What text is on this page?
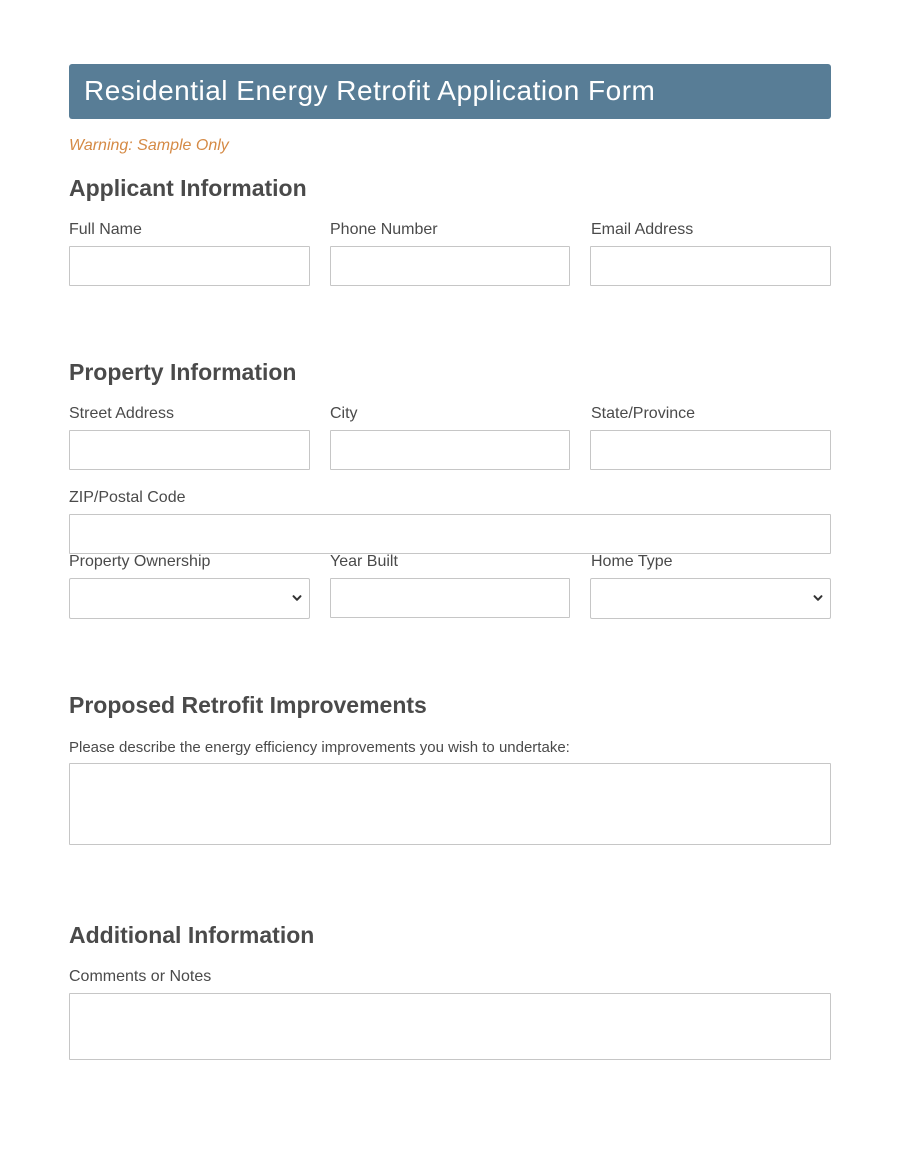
Residential Energy Retrofit Application Form
Warning: Sample Only
Applicant Information
Full Name	Phone Number	Email Address
Property Information
Street Address	City	State/Province
ZIP/Postal Code
Property Ownership	Year Built	Home Type
Proposed Retrofit Improvements
Please describe the energy efficiency improvements you wish to undertake:
Additional Information
Comments or Notes
